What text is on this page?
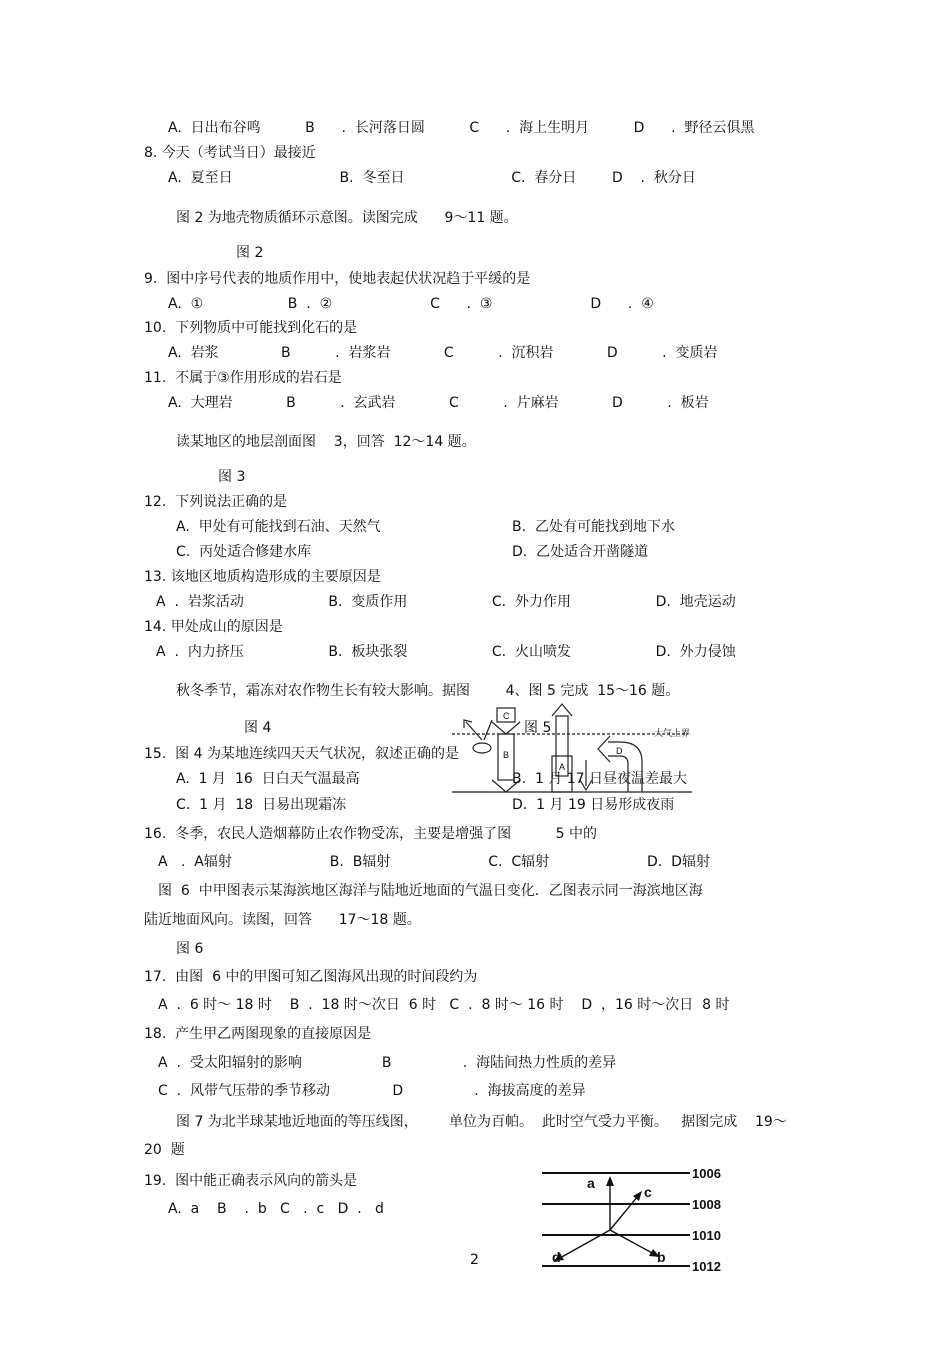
A.  日出布谷鸣          B      .  长河落日圆          C      .  海上生明月          D      .  野径云俱黑
8. 今天（考试当日）最接近
A.  夏至日                        B.  冬至日                        C.  春分日        D    .  秋分日
图 2 为地壳物质循环示意图。读图完成      9～11 题。
图 2
9.  图中序号代表的地质作用中，使地表起伏状况趋于平缓的是
A.  ①                   B  .  ②                      C      .  ③                      D      .  ④
10.  下列物质中可能找到化石的是
A.  岩浆              B          .  岩浆岩            C          .  沉积岩            D          .  变质岩
11.  不属于③作用形成的岩石是
A.  大理岩            B          .  玄武岩            C          .  片麻岩            D          .  板岩
读某地区的地层剖面图    3，回答  12～14 题。
图 3
12.  下列说法正确的是
A.  甲处有可能找到石油、天然气	B.  乙处有可能找到地下水
C.  丙处适合修建水库	D.  乙处适合开凿隧道
13. 该地区地质构造形成的主要原因是
A  .  岩浆活动                   B.  变质作用                   C.  外力作用                   D.  地壳运动
14. 甲处成山的原因是
A  .  内力挤压                   B.  板块张裂                   C.  火山喷发                   D.  外力侵蚀
秋冬季节，霜冻对农作物生长有较大影响。据图        4、图 5 完成  15～16 题。
图 4	图 5
15.  图 4 为某地连续四天天气状况，叙述正确的是
A.  1 月  16  日白天气温最高	B.  1 月 17 日昼夜温差最大
C.  1 月  18  日易出现霜冻	D.  1 月 19 日易形成夜雨
16.  冬季，农民人造烟幕防止农作物受冻，主要是增强了图          5 中的
A   .  A辐射                      B.  B辐射                      C.  C辐射                      D.  D辐射
图  6  中甲图表示某海滨地区海洋与陆地近地面的气温日变化．乙图表示同一海滨地区海
陆近地面风向。读图，回答      17～18 题。
图 6
17.  由图  6 中的甲图可知乙图海风出现的时间段约为
A  .  6 时～ 18 时    B  .  18 时～次日  6 时   C  .  8 时～ 16 时    D  ，16 时～次日  8 时
18.  产生甲乙两图现象的直接原因是
A  .  受太阳辐射的影响                  B                .  海陆间热力性质的差异
C  .  风带气压带的季节移动              D                .  海拔高度的差异
图 7 为北半球某地近地面的等压线图，       单位为百帕。  此时空气受力平衡。   据图完成    19～
20  题
19.  图中能正确表示风向的箭头是
A.  a    B    .  b   C   .  c   D  .   d
2
C
B
A
D
大气上界
a
b
c
d
1006
1008
1010
1012
